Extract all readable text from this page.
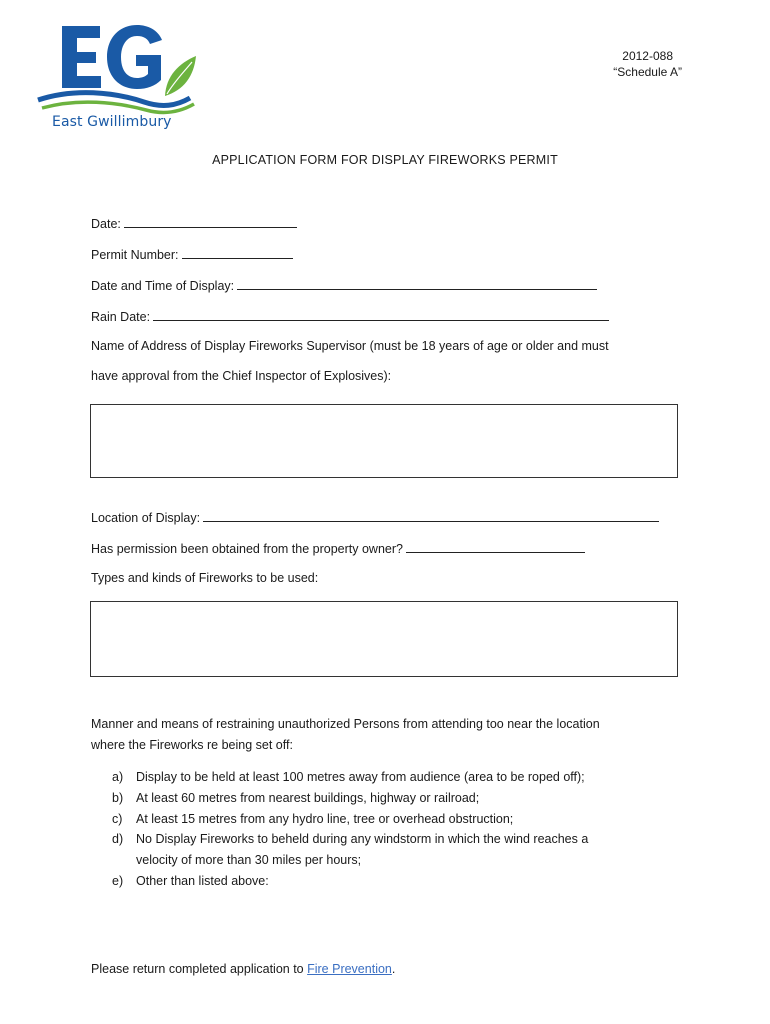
East Gwillimbury
2012-088
“Schedule A”
APPLICATION FORM FOR DISPLAY FIREWORKS PERMIT
Date:
Permit Number:
Date and Time of Display:
Rain Date:
Name of Address of Display Fireworks Supervisor (must be 18 years of age or older and must
have approval from the Chief Inspector of Explosives):
Location of Display:
Has permission been obtained from the property owner?
Types and kinds of Fireworks to be used:
Manner and means of restraining unauthorized Persons from attending too near the location
where the Fireworks re being set off:
a)	Display to be held at least 100 metres away from audience (area to be roped off);
b)	At least 60 metres from nearest buildings, highway or railroad;
c)	At least 15 metres from any hydro line, tree or overhead obstruction;
d)	No Display Fireworks to beheld during any windstorm in which the wind reaches a
velocity of more than 30 miles per hours;
e)	Other than listed above:
Please return completed application to Fire Prevention.
